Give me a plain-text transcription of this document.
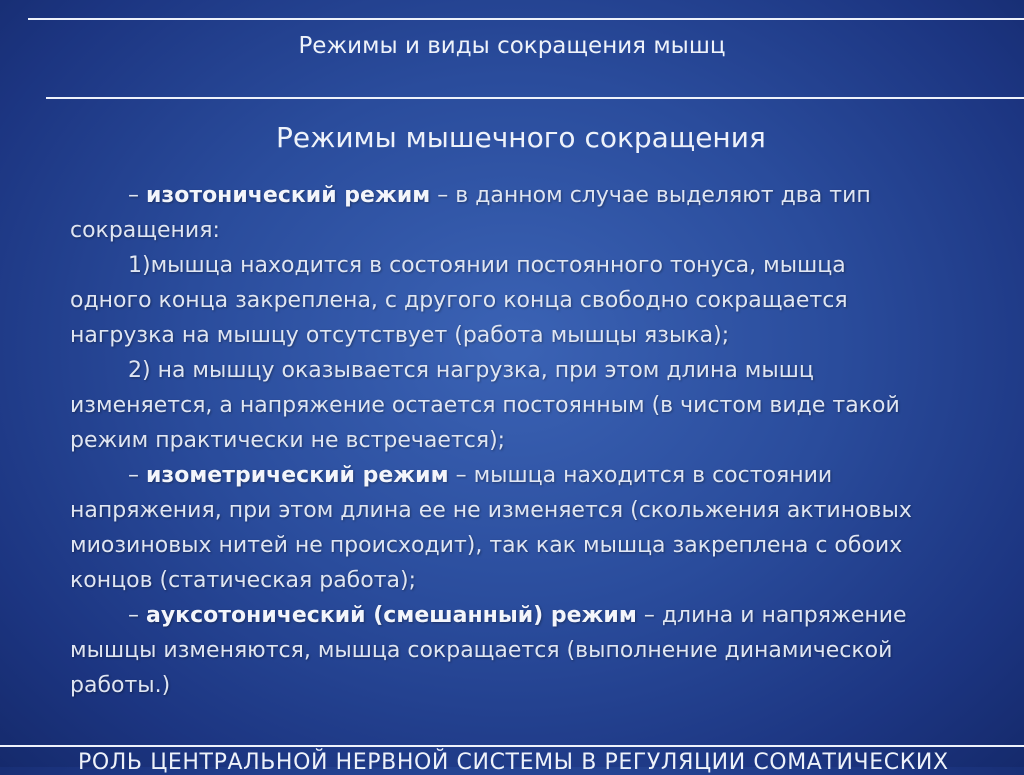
Режимы и виды сокращения мышц
Режимы мышечного сокращения
– изотонический режим – в данном случае выделяют два тип
сокращения:
1)мышца находится в состоянии постоянного тонуса, мышца
одного конца закреплена, с другого конца свободно сокращается
нагрузка на мышцу отсутствует (работа мышцы языка);
2) на мышцу оказывается нагрузка, при этом длина мышц
изменяется, а напряжение остается постоянным (в чистом виде такой
режим практически не встречается);
– изометрический режим – мышца находится в состоянии
напряжения, при этом длина ее не изменяется (скольжения актиновых
миозиновых нитей не происходит), так как мышца закреплена с обоих
концов (статическая работа);
– ауксотонический (смешанный) режим – длина и напряжение
мышцы изменяются, мышца сокращается (выполнение динамической
работы.)
РОЛЬ ЦЕНТРАЛЬНОЙ НЕРВНОЙ СИСТЕМЫ В РЕГУЛЯЦИИ СОМАТИЧЕСКИХ
